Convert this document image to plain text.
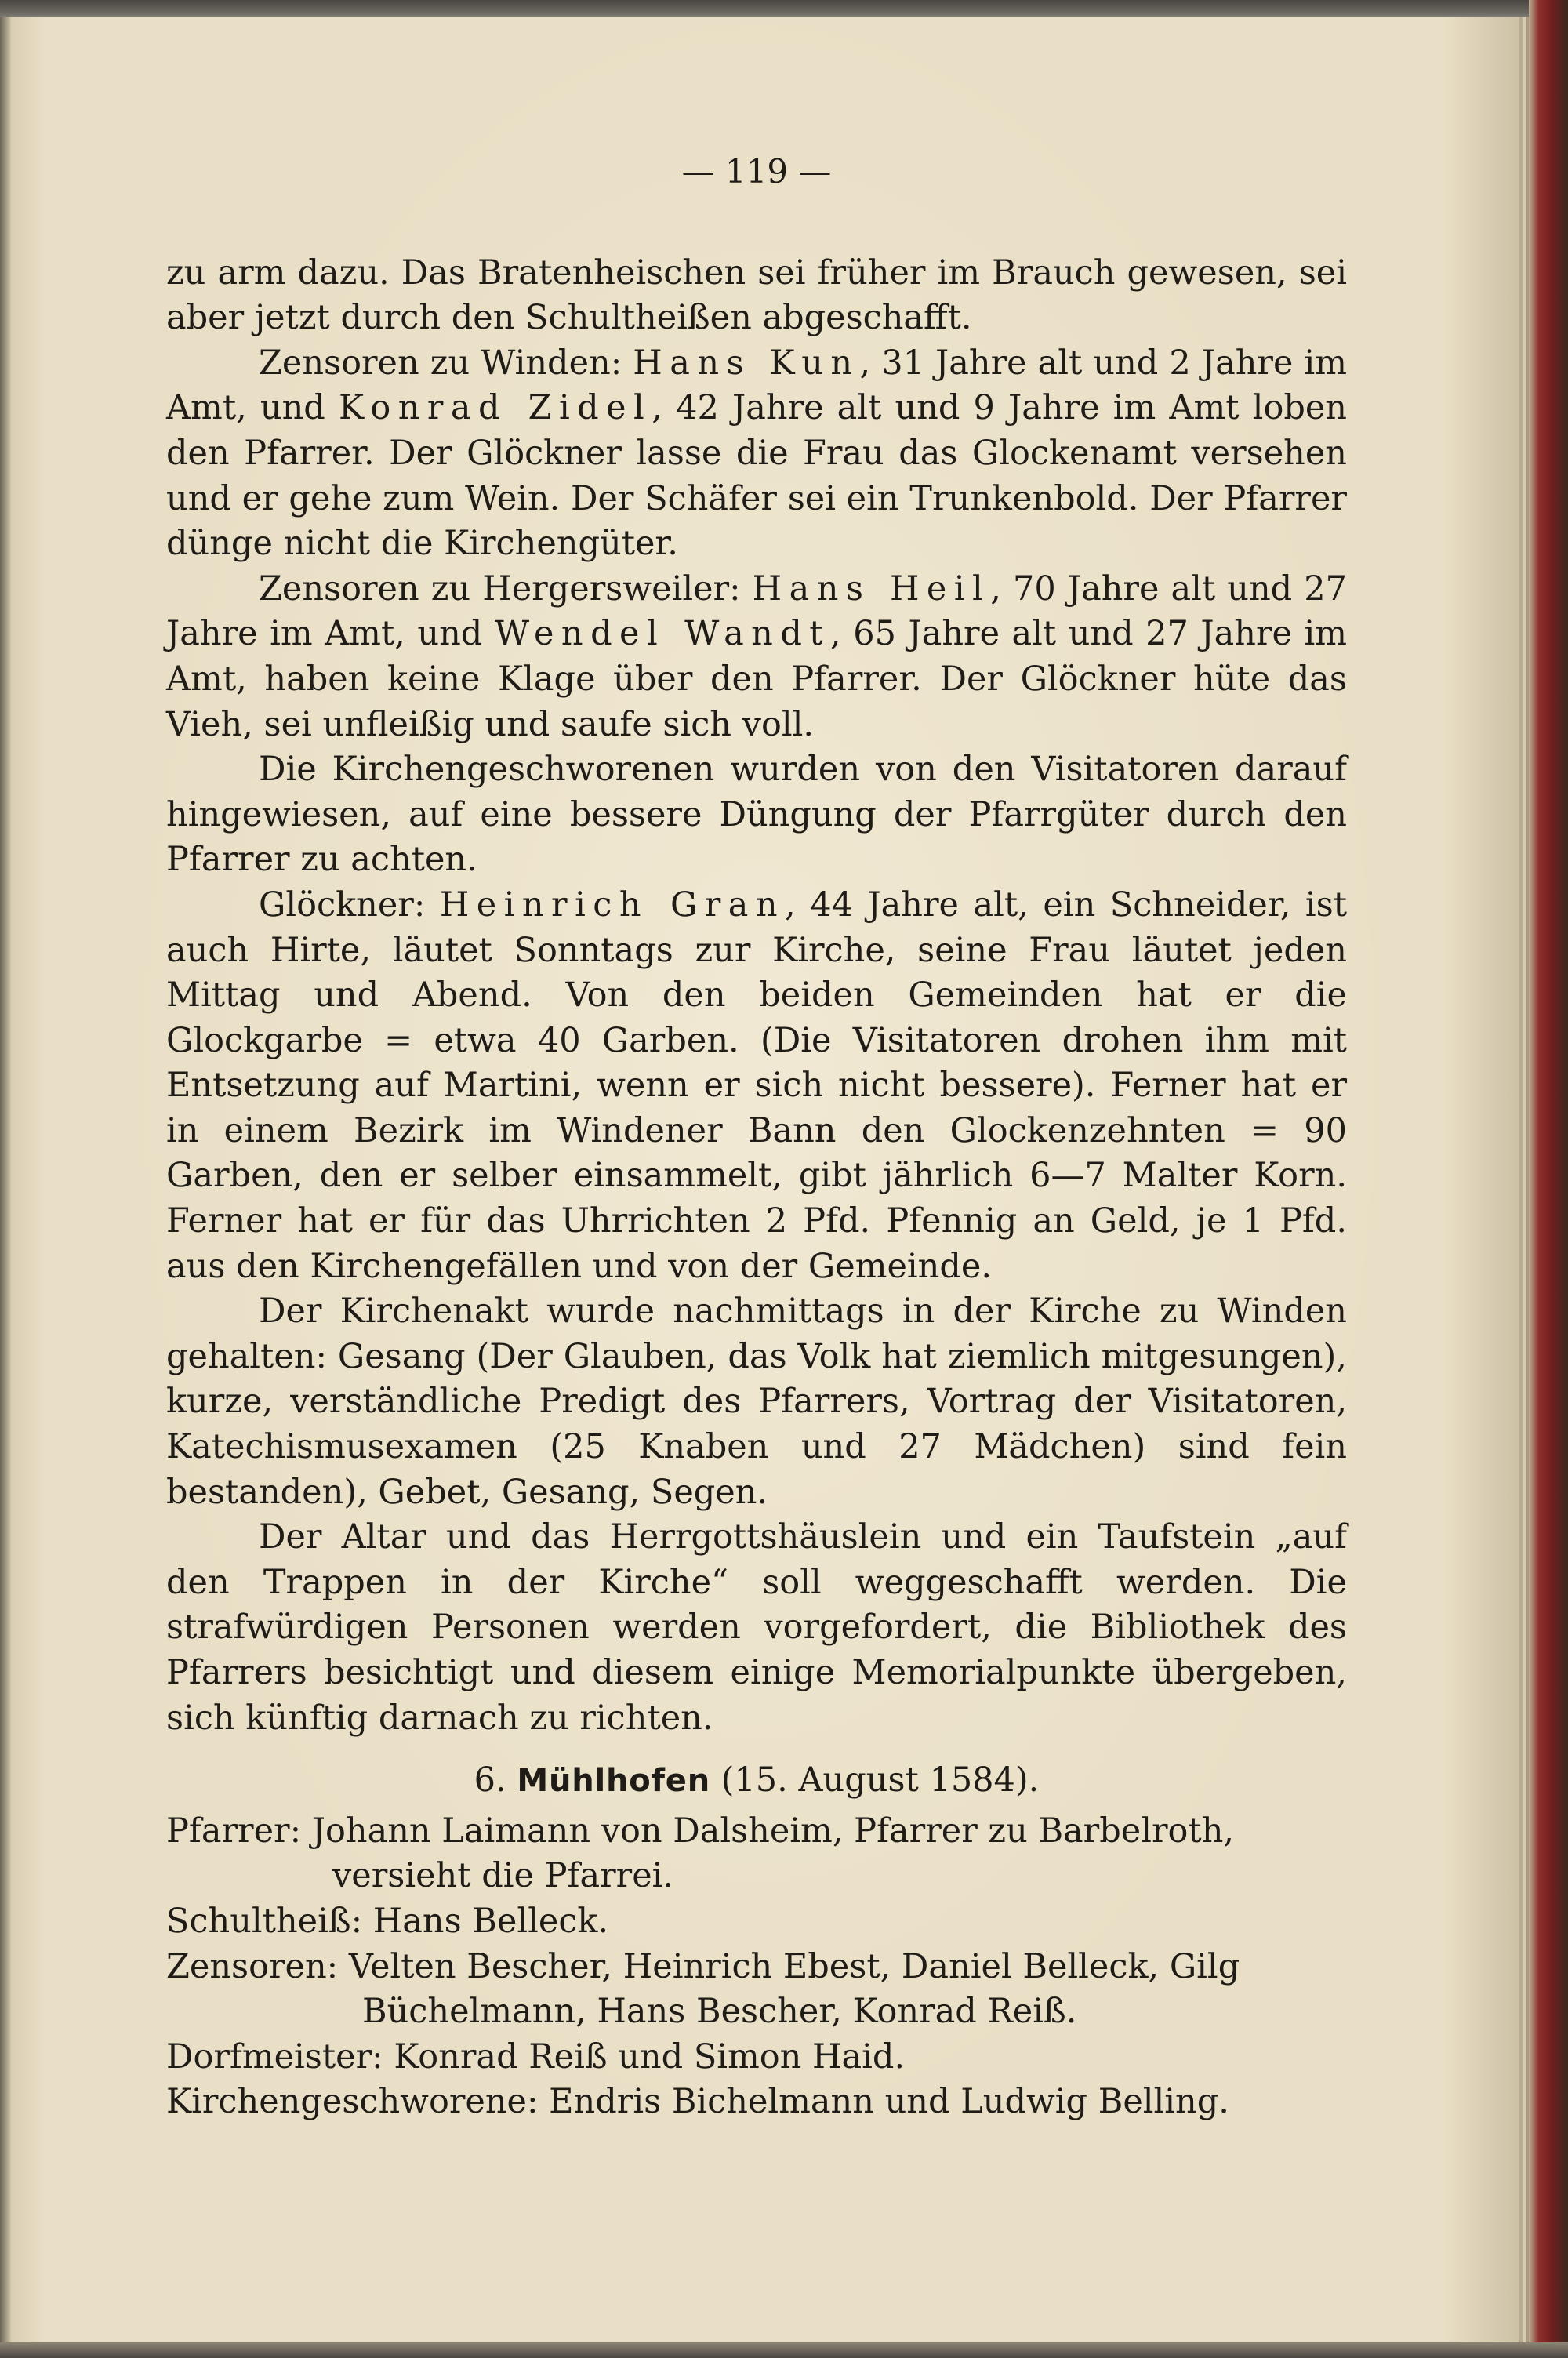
— 119 —

zu arm dazu. Das Bratenheischen sei früher im Brauch gewesen, sei aber jetzt durch den Schultheißen abgeschafft.

Zensoren zu Winden: Hans Kun, 31 Jahre alt und 2 Jahre im Amt, und Konrad Zidel, 42 Jahre alt und 9 Jahre im Amt loben den Pfarrer. Der Glöckner lasse die Frau das Glockenamt versehen und er gehe zum Wein. Der Schäfer sei ein Trunkenbold. Der Pfarrer dünge nicht die Kirchengüter.

Zensoren zu Hergersweiler: Hans Heil, 70 Jahre alt und 27 Jahre im Amt, und Wendel Wandt, 65 Jahre alt und 27 Jahre im Amt, haben keine Klage über den Pfarrer. Der Glöckner hüte das Vieh, sei unfleißig und saufe sich voll.

Die Kirchengeschworenen wurden von den Visitatoren darauf hingewiesen, auf eine bessere Düngung der Pfarrgüter durch den Pfarrer zu achten.

Glöckner: Heinrich Gran, 44 Jahre alt, ein Schneider, ist auch Hirte, läutet Sonntags zur Kirche, seine Frau läutet jeden Mittag und Abend. Von den beiden Gemeinden hat er die Glockgarbe = etwa 40 Garben. (Die Visitatoren drohen ihm mit Entsetzung auf Martini, wenn er sich nicht bessere). Ferner hat er in einem Bezirk im Windener Bann den Glockenzehnten = 90 Garben, den er selber einsammelt, gibt jährlich 6—7 Malter Korn. Ferner hat er für das Uhrrichten 2 Pfd. Pfennig an Geld, je 1 Pfd. aus den Kirchengefällen und von der Gemeinde.

Der Kirchenakt wurde nachmittags in der Kirche zu Winden gehalten: Gesang (Der Glauben, das Volk hat ziemlich mitgesungen), kurze, verständliche Predigt des Pfarrers, Vortrag der Visitatoren, Katechismusexamen (25 Knaben und 27 Mädchen) sind fein bestanden), Gebet, Gesang, Segen.

Der Altar und das Herrgottshäuslein und ein Taufstein „auf den Trappen in der Kirche“ soll weggeschafft werden. Die strafwürdigen Personen werden vorgefordert, die Bibliothek des Pfarrers besichtigt und diesem einige Memorialpunkte übergeben, sich künftig darnach zu richten.

6. Mühlhofen (15. August 1584).
Pfarrer: Johann Laimann von Dalsheim, Pfarrer zu Barbelroth,
versieht die Pfarrei.
Schultheiß: Hans Belleck.
Zensoren: Velten Bescher, Heinrich Ebest, Daniel Belleck, Gilg
Büchelmann, Hans Bescher, Konrad Reiß.
Dorfmeister: Konrad Reiß und Simon Haid.
Kirchengeschworene: Endris Bichelmann und Ludwig Belling.
